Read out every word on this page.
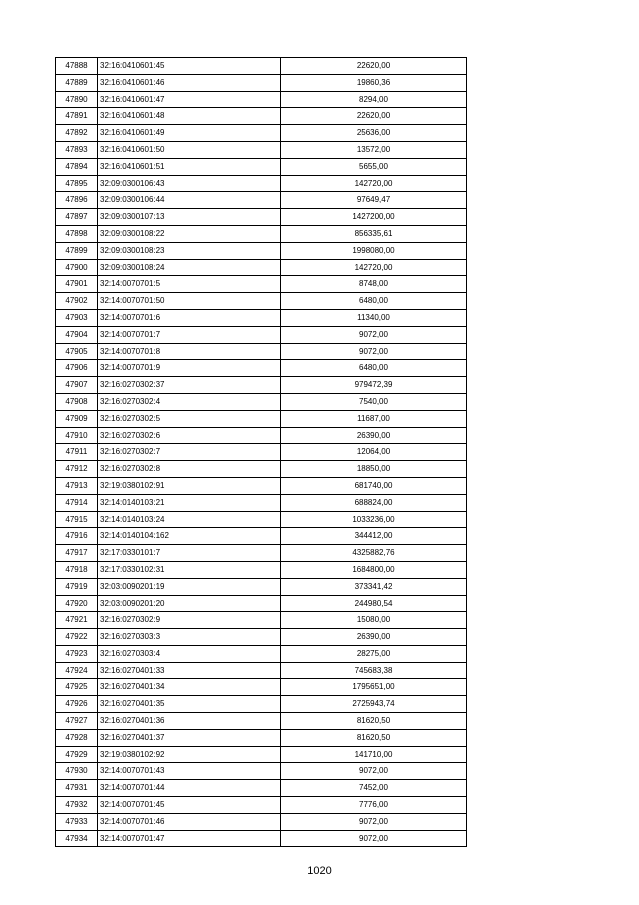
47888	32:16:0410601:45	22620,00
47889	32:16:0410601:46	19860,36
47890	32:16:0410601:47	8294,00
47891	32:16:0410601:48	22620,00
47892	32:16:0410601:49	25636,00
47893	32:16:0410601:50	13572,00
47894	32:16:0410601:51	5655,00
47895	32:09:0300106:43	142720,00
47896	32:09:0300106:44	97649,47
47897	32:09:0300107:13	1427200,00
47898	32:09:0300108:22	856335,61
47899	32:09:0300108:23	1998080,00
47900	32:09:0300108:24	142720,00
47901	32:14:0070701:5	8748,00
47902	32:14:0070701:50	6480,00
47903	32:14:0070701:6	11340,00
47904	32:14:0070701:7	9072,00
47905	32:14:0070701:8	9072,00
47906	32:14:0070701:9	6480,00
47907	32:16:0270302:37	979472,39
47908	32:16:0270302:4	7540,00
47909	32:16:0270302:5	11687,00
47910	32:16:0270302:6	26390,00
47911	32:16:0270302:7	12064,00
47912	32:16:0270302:8	18850,00
47913	32:19:0380102:91	681740,00
47914	32:14:0140103:21	688824,00
47915	32:14:0140103:24	1033236,00
47916	32:14:0140104:162	344412,00
47917	32:17:0330101:7	4325882,76
47918	32:17:0330102:31	1684800,00
47919	32:03:0090201:19	373341,42
47920	32:03:0090201:20	244980,54
47921	32:16:0270302:9	15080,00
47922	32:16:0270303:3	26390,00
47923	32:16:0270303:4	28275,00
47924	32:16:0270401:33	745683,38
47925	32:16:0270401:34	1795651,00
47926	32:16:0270401:35	2725943,74
47927	32:16:0270401:36	81620,50
47928	32:16:0270401:37	81620,50
47929	32:19:0380102:92	141710,00
47930	32:14:0070701:43	9072,00
47931	32:14:0070701:44	7452,00
47932	32:14:0070701:45	7776,00
47933	32:14:0070701:46	9072,00
47934	32:14:0070701:47	9072,00
1020
